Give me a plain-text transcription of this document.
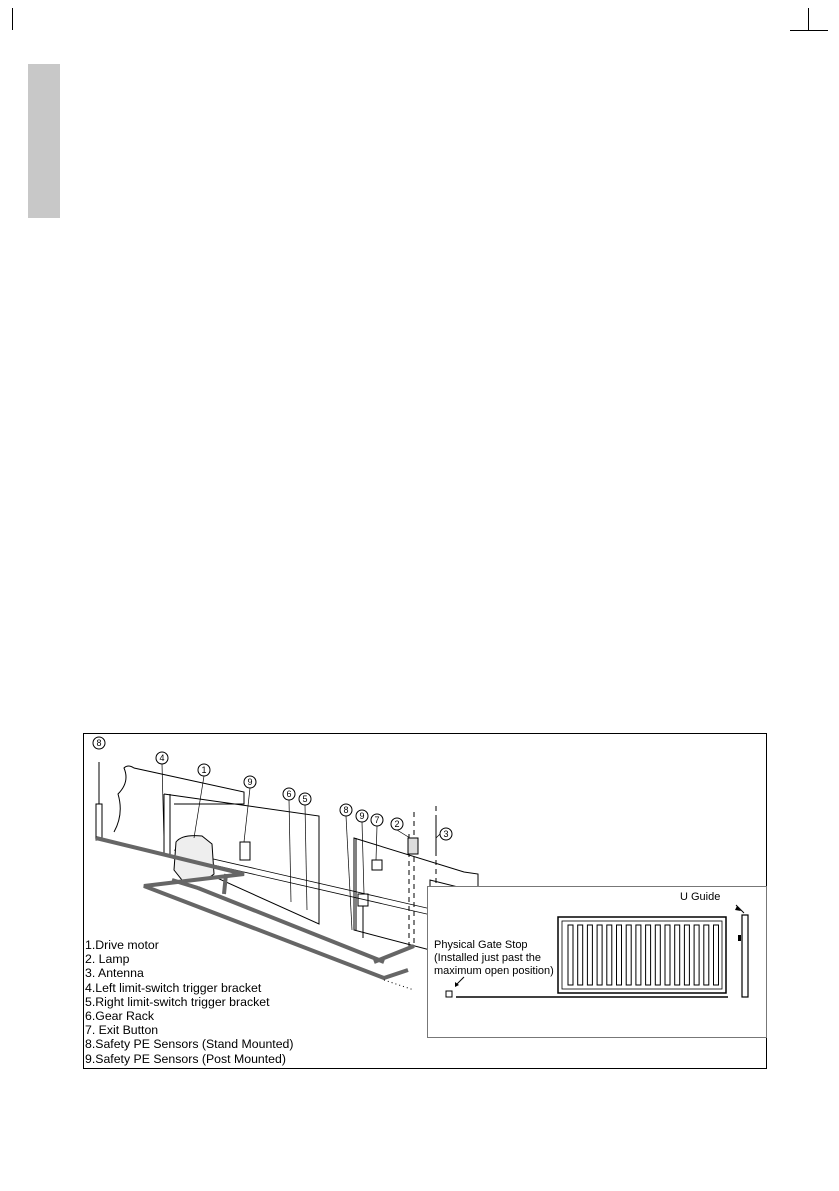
8
4
1
9
6 5
8
9 7 2
3
1.Drive motor
2. Lamp
3. Antenna
4.Left limit-switch trigger bracket
5.Right limit-switch trigger bracket
6.Gear Rack
7. Exit Button
8.Safety PE Sensors (Stand Mounted)
9.Safety PE Sensors (Post Mounted)
U Guide
Physical Gate Stop
(Installed just past the
maximum open position)
